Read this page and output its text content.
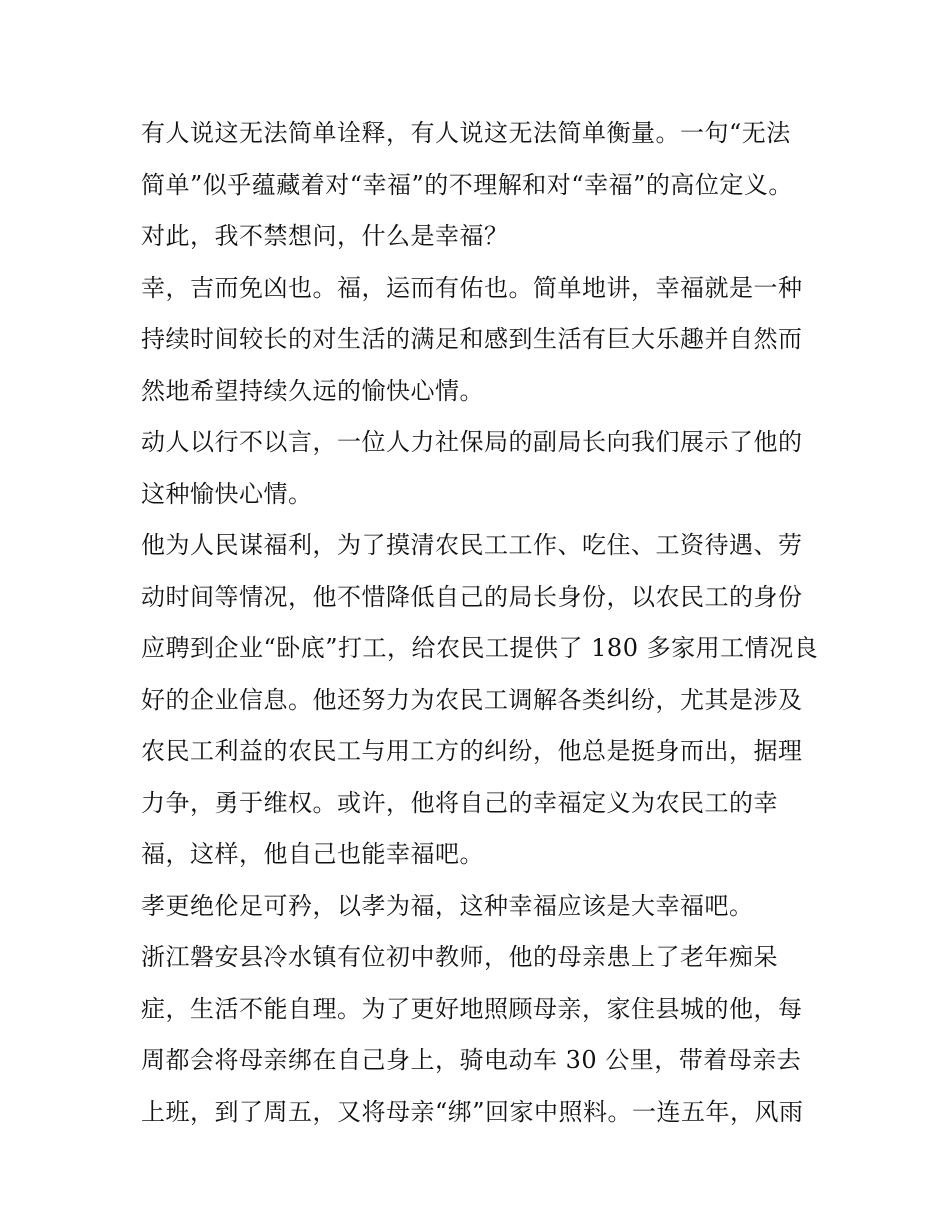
有人说这无法简单诠释，有人说这无法简单衡量。一句“无法
简单”似乎蕴藏着对“幸福”的不理解和对“幸福”的高位定义。
对此，我不禁想问，什么是幸福？
幸，吉而免凶也。福，运而有佑也。简单地讲，幸福就是一种
持续时间较长的对生活的满足和感到生活有巨大乐趣并自然而
然地希望持续久远的愉快心情。
动人以行不以言，一位人力社保局的副局长向我们展示了他的
这种愉快心情。
他为人民谋福利，为了摸清农民工工作、吃住、工资待遇、劳
动时间等情况，他不惜降低自己的局长身份，以农民工的身份
应聘到企业“卧底”打工，给农民工提供了 180 多家用工情况良
好的企业信息。他还努力为农民工调解各类纠纷，尤其是涉及
农民工利益的农民工与用工方的纠纷，他总是挺身而出，据理
力争，勇于维权。或许，他将自己的幸福定义为农民工的幸
福，这样，他自己也能幸福吧。
孝更绝伦足可矜，以孝为福，这种幸福应该是大幸福吧。
浙江磐安县冷水镇有位初中教师，他的母亲患上了老年痴呆
症，生活不能自理。为了更好地照顾母亲，家住县城的他，每
周都会将母亲绑在自己身上，骑电动车 30 公里，带着母亲去
上班，到了周五，又将母亲“绑”回家中照料。一连五年，风雨
